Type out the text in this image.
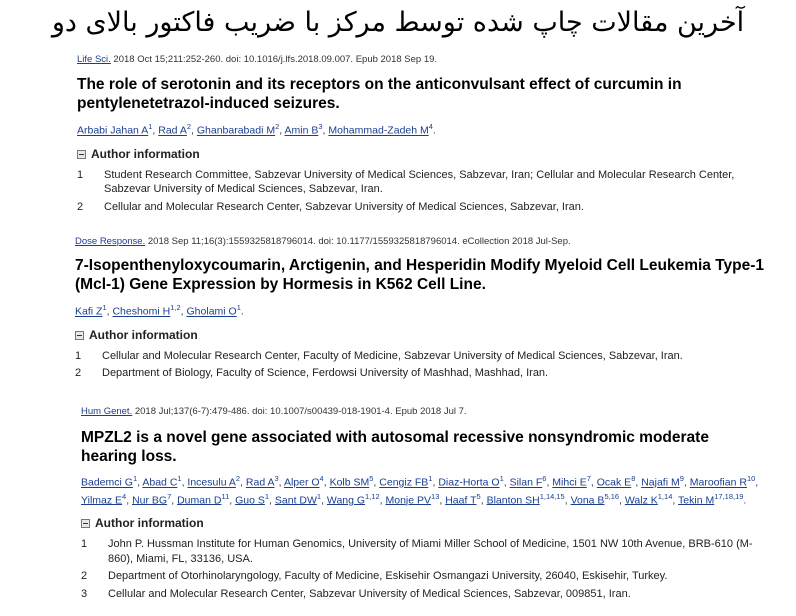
آخرین مقالات چاپ شده توسط مرکز با ضریب فاکتور بالای دو
Life Sci. 2018 Oct 15;211:252-260. doi: 10.1016/j.lfs.2018.09.007. Epub 2018 Sep 19.
The role of serotonin and its receptors on the anticonvulsant effect of curcumin in pentylenetetrazol-induced seizures.
Arbabi Jahan $A^1$, Rad $A^2$, Ghanbarabadi $M^2$, Amin $B^3$, Mohammad-Zadeh $M^4$.
Author information
1	Student Research Committee, Sabzevar University of Medical Sciences, Sabzevar, Iran; Cellular and Molecular Research Center, Sabzevar University of Medical Sciences, Sabzevar, Iran.
2	Cellular and Molecular Research Center, Sabzevar University of Medical Sciences, Sabzevar, Iran.
Dose Response. 2018 Sep 11;16(3):1559325818796014. doi: 10.1177/1559325818796014. eCollection 2018 Jul-Sep.
7-Isopenthenyloxycoumarin, Arctigenin, and Hesperidin Modify Myeloid Cell Leukemia Type-1 (Mcl-1) Gene Expression by Hormesis in K562 Cell Line.
Kafi $Z^1$, Cheshomi H$^{1,2}$, Gholami $O^1$.
Author information
1	Cellular and Molecular Research Center, Faculty of Medicine, Sabzevar University of Medical Sciences, Sabzevar, Iran.
2	Department of Biology, Faculty of Science, Ferdowsi University of Mashhad, Mashhad, Iran.
Hum Genet. 2018 Jul;137(6-7):479-486. doi: 10.1007/s00439-018-1901-4. Epub 2018 Jul 7.
MPZL2 is a novel gene associated with autosomal recessive nonsyndromic moderate hearing loss.
Bademci $G^1$, Abad $C^1$, Incesulu $A^2$, Rad $A^3$, Alper $O^4$, Kolb $SM^5$, Cengiz $FB^1$, Diaz-Horta $O^1$, Silan $F^6$, Mihci $E^7$, Ocak $E^8$, Najafi $M^9$, Maroofian $R^{10}$, Yilmaz $E^4$, Nur $BG^7$, Duman $D^{11}$, Guo $S^1$, Sant $DW^1$, Wang G$^{1,12}$, Monje PV$^{13}$, Haaf $T^5$, Blanton SH$^{1,14,15}$, Vona B$^{5,16}$, Walz K$^{1,14}$, Tekin M$^{17,18,19}$.
Author information
1	John P. Hussman Institute for Human Genomics, University of Miami Miller School of Medicine, 1501 NW 10th Avenue, BRB-610 (M-860), Miami, FL, 33136, USA.
2	Department of Otorhinolaryngology, Faculty of Medicine, Eskisehir Osmangazi University, 26040, Eskisehir, Turkey.
3	Cellular and Molecular Research Center, Sabzevar University of Medical Sciences, Sabzevar, 009851, Iran.
